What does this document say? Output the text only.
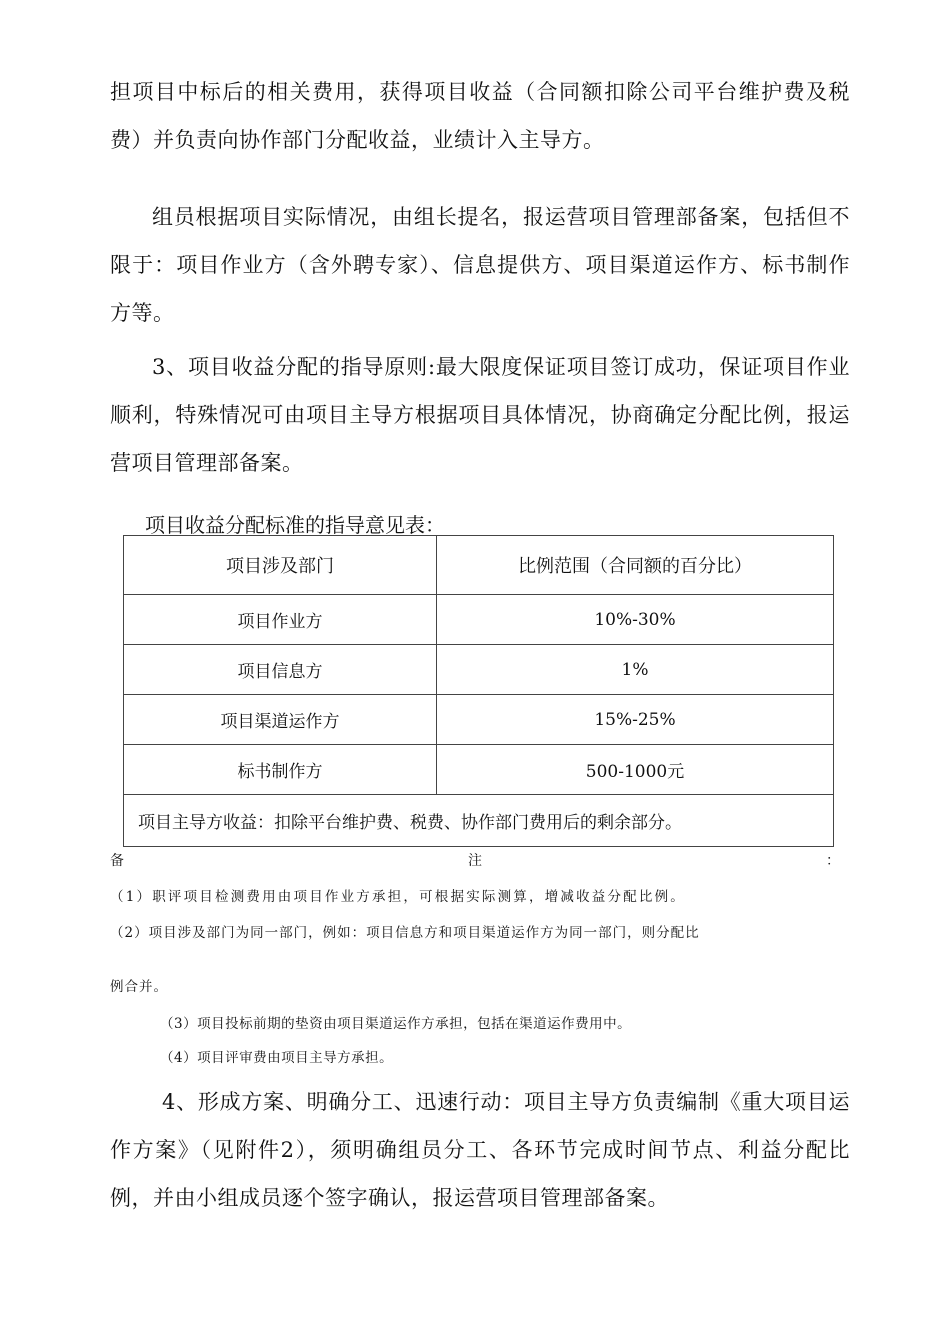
担项目中标后的相关费用，获得项目收益（合同额扣除公司平台维护费及税费）并负责向协作部门分配收益，业绩计入主导方。
组员根据项目实际情况，由组长提名，报运营项目管理部备案，包括但不限于：项目作业方（含外聘专家）、信息提供方、项目渠道运作方、标书制作方等。
3、项目收益分配的指导原则:最大限度保证项目签订成功，保证项目作业顺利，特殊情况可由项目主导方根据项目具体情况，协商确定分配比例，报运营项目管理部备案。
项目收益分配标准的指导意见表：
项目涉及部门	比例范围（合同额的百分比）
项目作业方	10%-30%
项目信息方	1%
项目渠道运作方	15%-25%
标书制作方	500-1000元
项目主导方收益：扣除平台维护费、税费、协作部门费用后的剩余部分。	
备	注	：
（1）职评项目检测费用由项目作业方承担，可根据实际测算，增减收益分配比例。
（2）项目涉及部门为同一部门，例如：项目信息方和项目渠道运作方为同一部门，则分配比
例合并。
（3）项目投标前期的垫资由项目渠道运作方承担，包括在渠道运作费用中。
（4）项目评审费由项目主导方承担。
4、形成方案、明确分工、迅速行动：项目主导方负责编制《重大项目运作方案》（见附件2），须明确组员分工、各环节完成时间节点、利益分配比例，并由小组成员逐个签字确认，报运营项目管理部备案。
